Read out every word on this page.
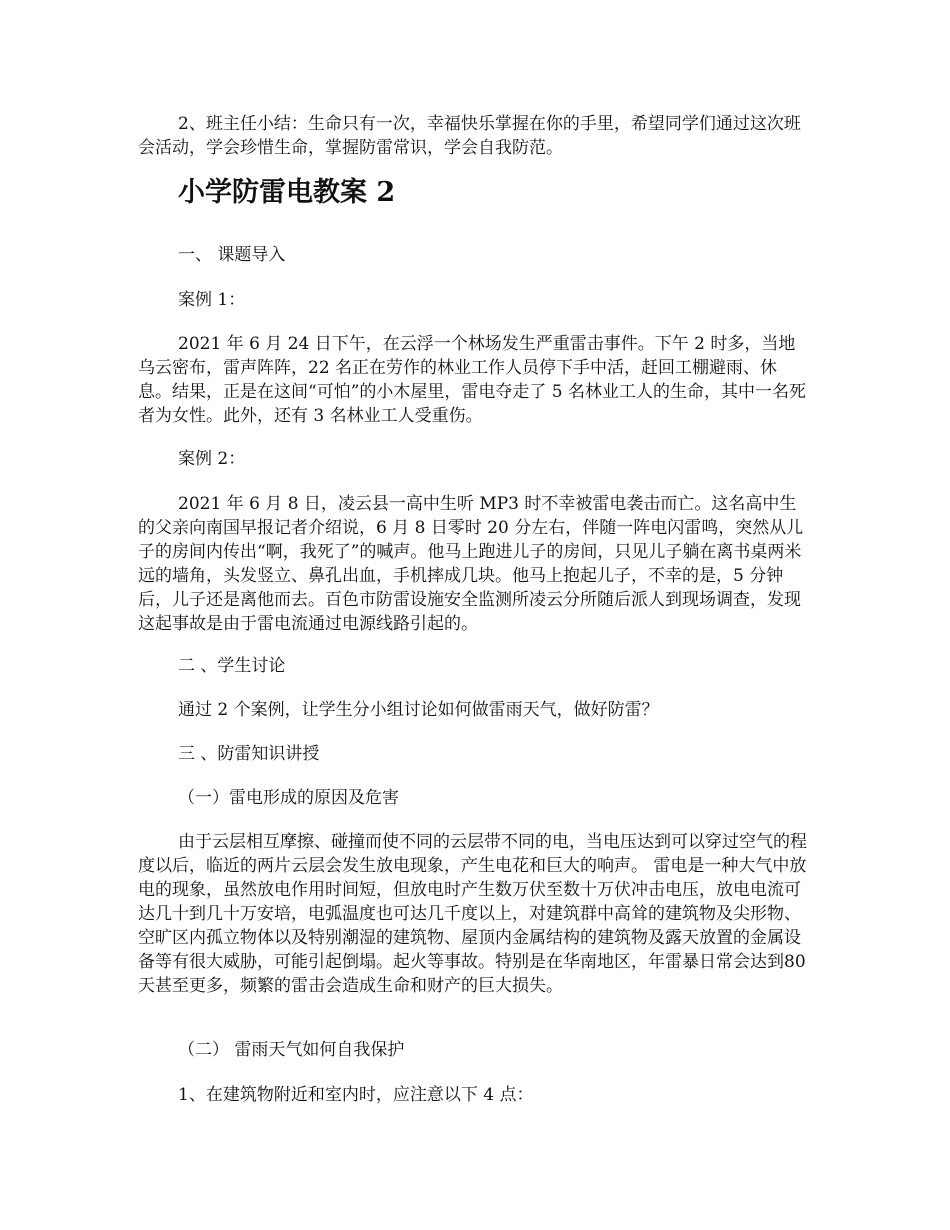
2、班主任小结：生命只有一次，幸福快乐掌握在你的手里，希望同学们通过这次班会活动，学会珍惜生命，掌握防雷常识，学会自我防范。

小学防雷电教案 2

一、 课题导入

案例 1：

2021 年 6 月 24 日下午，在云浮一个林场发生严重雷击事件。下午 2 时多，当地乌云密布，雷声阵阵，22 名正在劳作的林业工作人员停下手中活，赶回工棚避雨、休息。结果，正是在这间“可怕”的小木屋里，雷电夺走了 5 名林业工人的生命，其中一名死者为女性。此外，还有 3 名林业工人受重伤。

案例 2：

2021 年 6 月 8 日，凌云县一高中生听 MP3 时不幸被雷电袭击而亡。这名高中生的父亲向南国早报记者介绍说，6 月 8 日零时 20 分左右，伴随一阵电闪雷鸣，突然从儿子的房间内传出“啊，我死了”的喊声。他马上跑进儿子的房间，只见儿子躺在离书桌两米远的墙角，头发竖立、鼻孔出血，手机摔成几块。他马上抱起儿子，不幸的是，5 分钟后，儿子还是离他而去。百色市防雷设施安全监测所凌云分所随后派人到现场调查，发现这起事故是由于雷电流通过电源线路引起的。

二 、学生讨论

通过 2 个案例，让学生分小组讨论如何做雷雨天气，做好防雷？

三 、防雷知识讲授

（一）雷电形成的原因及危害

由于云层相互摩擦、碰撞而使不同的云层带不同的电，当电压达到可以穿过空气的程度以后，临近的两片云层会发生放电现象，产生电花和巨大的响声。 雷电是一种大气中放电的现象，虽然放电作用时间短，但放电时产生数万伏至数十万伏冲击电压，放电电流可达几十到几十万安培，电弧温度也可达几千度以上，对建筑群中高耸的建筑物及尖形物、空旷区内孤立物体以及特别潮湿的建筑物、屋顶内金属结构的建筑物及露天放置的金属设备等有很大威胁，可能引起倒塌。起火等事故。特别是在华南地区，年雷暴日常会达到80 天甚至更多，频繁的雷击会造成生命和财产的巨大损失。

（二） 雷雨天气如何自我保护

1、在建筑物附近和室内时，应注意以下 4 点：
